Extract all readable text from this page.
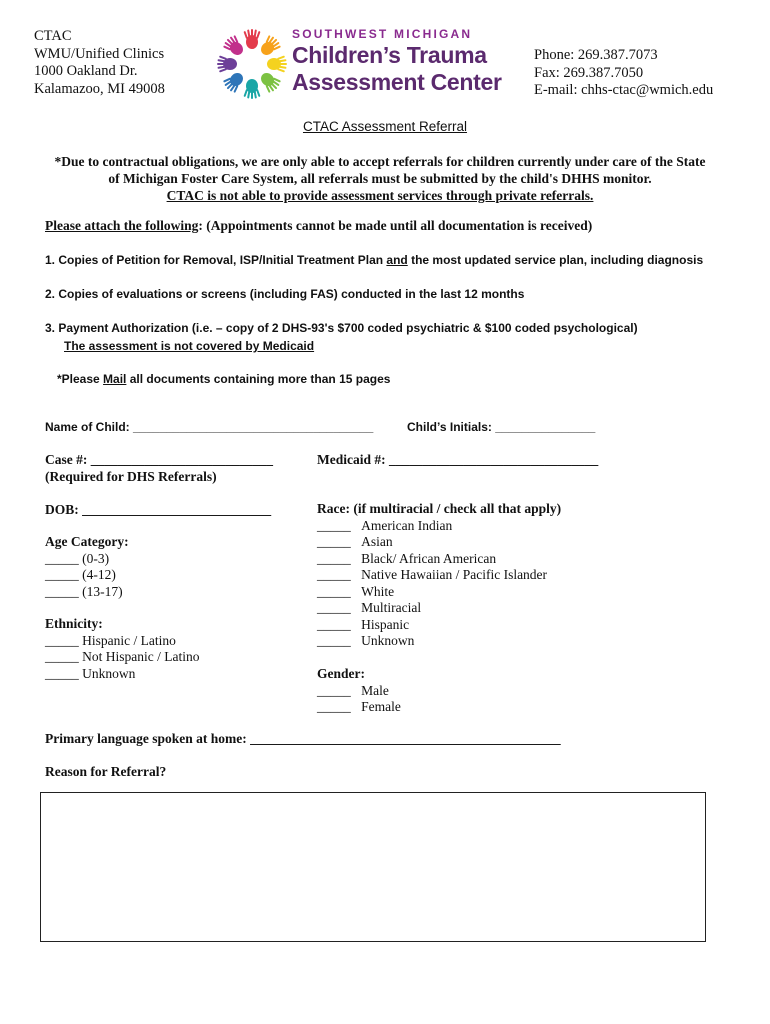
CTAC
WMU/Unified Clinics
1000 Oakland Dr.
Kalamazoo, MI 49008
SOUTHWEST MICHIGAN
Children’s Trauma
Assessment Center
Phone: 269.387.7073
Fax: 269.387.7050
E-mail: chhs-ctac@wmich.edu
CTAC Assessment Referral
*Due to contractual obligations, we are only able to accept referrals for children currently under care of the State
of Michigan Foster Care System, all referrals must be submitted by the child's DHHS monitor.
CTAC is not able to provide assessment services through private referrals.
Please attach the following: (Appointments cannot be made until all documentation is received)
1. Copies of Petition for Removal, ISP/Initial Treatment Plan and the most updated service plan, including diagnosis
2. Copies of evaluations or screens (including FAS) conducted in the last 12 months
3. Payment Authorization (i.e. – copy of 2 DHS-93's $700 coded psychiatric & $100 coded psychological)
The assessment is not covered by Medicaid
*Please Mail all documents containing more than 15 pages
Name of Child: ____________________________________	Child’s Initials: _______________
Case #: ___________________________
(Required for DHS Referrals)
Medicaid #: _______________________________
DOB: ____________________________
Age Category:
_____ (0-3)
_____ (4-12)
_____ (13-17)
Ethnicity:
_____ Hispanic / Latino
_____ Not Hispanic / Latino
_____ Unknown
Race: (if multiracial / check all that apply)
_____ American Indian
_____ Asian
_____ Black/ African American
_____ Native Hawaiian / Pacific Islander
_____ White
_____ Multiracial
_____ Hispanic
_____ Unknown
Gender:
_____ Male
_____ Female
Primary language spoken at home: ______________________________________________
Reason for Referral?
